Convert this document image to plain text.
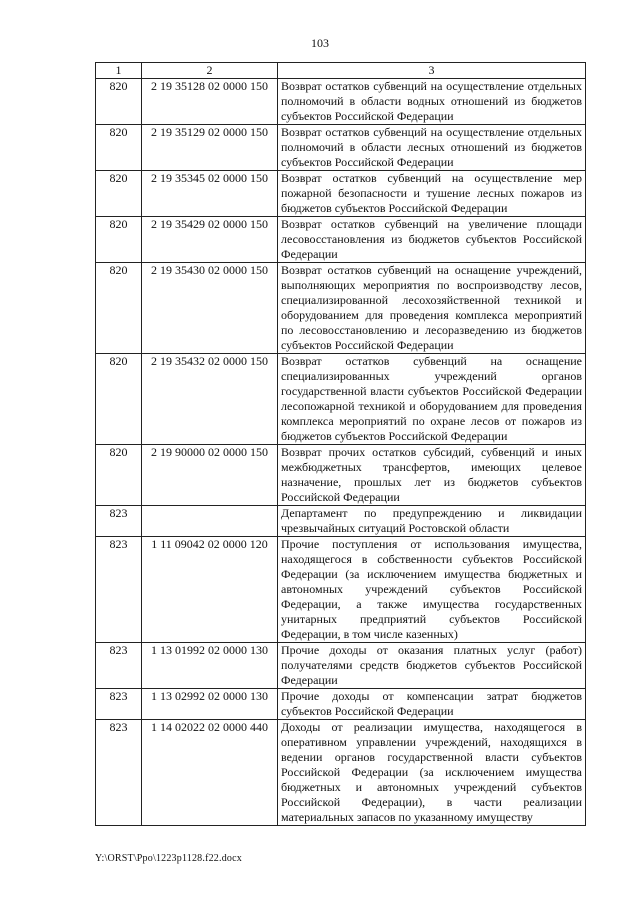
103
1	2	3
820	2 19 35128 02 0000 150	Возврат остатков субвенций на осуществление отдельных полномочий в области водных отношений из бюджетов субъектов Российской Федерации
820	2 19 35129 02 0000 150	Возврат остатков субвенций на осуществление отдельных полномочий в области лесных отношений из бюджетов субъектов Российской Федерации
820	2 19 35345 02 0000 150	Возврат остатков субвенций на осуществление мер пожарной безопасности и тушение лесных пожаров из бюджетов субъектов Российской Федерации
820	2 19 35429 02 0000 150	Возврат остатков субвенций на увеличение площади лесовосстановления из бюджетов субъектов Российской Федерации
820	2 19 35430 02 0000 150	Возврат остатков субвенций на оснащение учреждений, выполняющих мероприятия по воспроизводству лесов, специализированной лесохозяйственной техникой и оборудованием для проведения комплекса мероприятий по лесовосстановлению и лесоразведению из бюджетов субъектов Российской Федерации
820	2 19 35432 02 0000 150	Возврат остатков субвенций на оснащение специализированных учреждений органов государственной власти субъектов Российской Федерации лесопожарной техникой и оборудованием для проведения комплекса мероприятий по охране лесов от пожаров из бюджетов субъектов Российской Федерации
820	2 19 90000 02 0000 150	Возврат прочих остатков субсидий, субвенций и иных межбюджетных трансфертов, имеющих целевое назначение, прошлых лет из бюджетов субъектов Российской Федерации
823		Департамент по предупреждению и ликвидации чрезвычайных ситуаций Ростовской области
823	1 11 09042 02 0000 120	Прочие поступления от использования имущества, находящегося в собственности субъектов Российской Федерации (за исключением имущества бюджетных и автономных учреждений субъектов Российской Федерации, а также имущества государственных унитарных предприятий субъектов Российской Федерации, в том числе казенных)
823	1 13 01992 02 0000 130	Прочие доходы от оказания платных услуг (работ) получателями средств бюджетов субъектов Российской Федерации
823	1 13 02992 02 0000 130	Прочие доходы от компенсации затрат бюджетов субъектов Российской Федерации
823	1 14 02022 02 0000 440	Доходы от реализации имущества, находящегося в оперативном управлении учреждений, находящихся в ведении органов государственной власти субъектов Российской Федерации (за исключением имущества бюджетных и автономных учреждений субъектов Российской Федерации), в части реализации материальных запасов по указанному имуществу
Y:\ORST\Ppo\1223p1128.f22.docx
